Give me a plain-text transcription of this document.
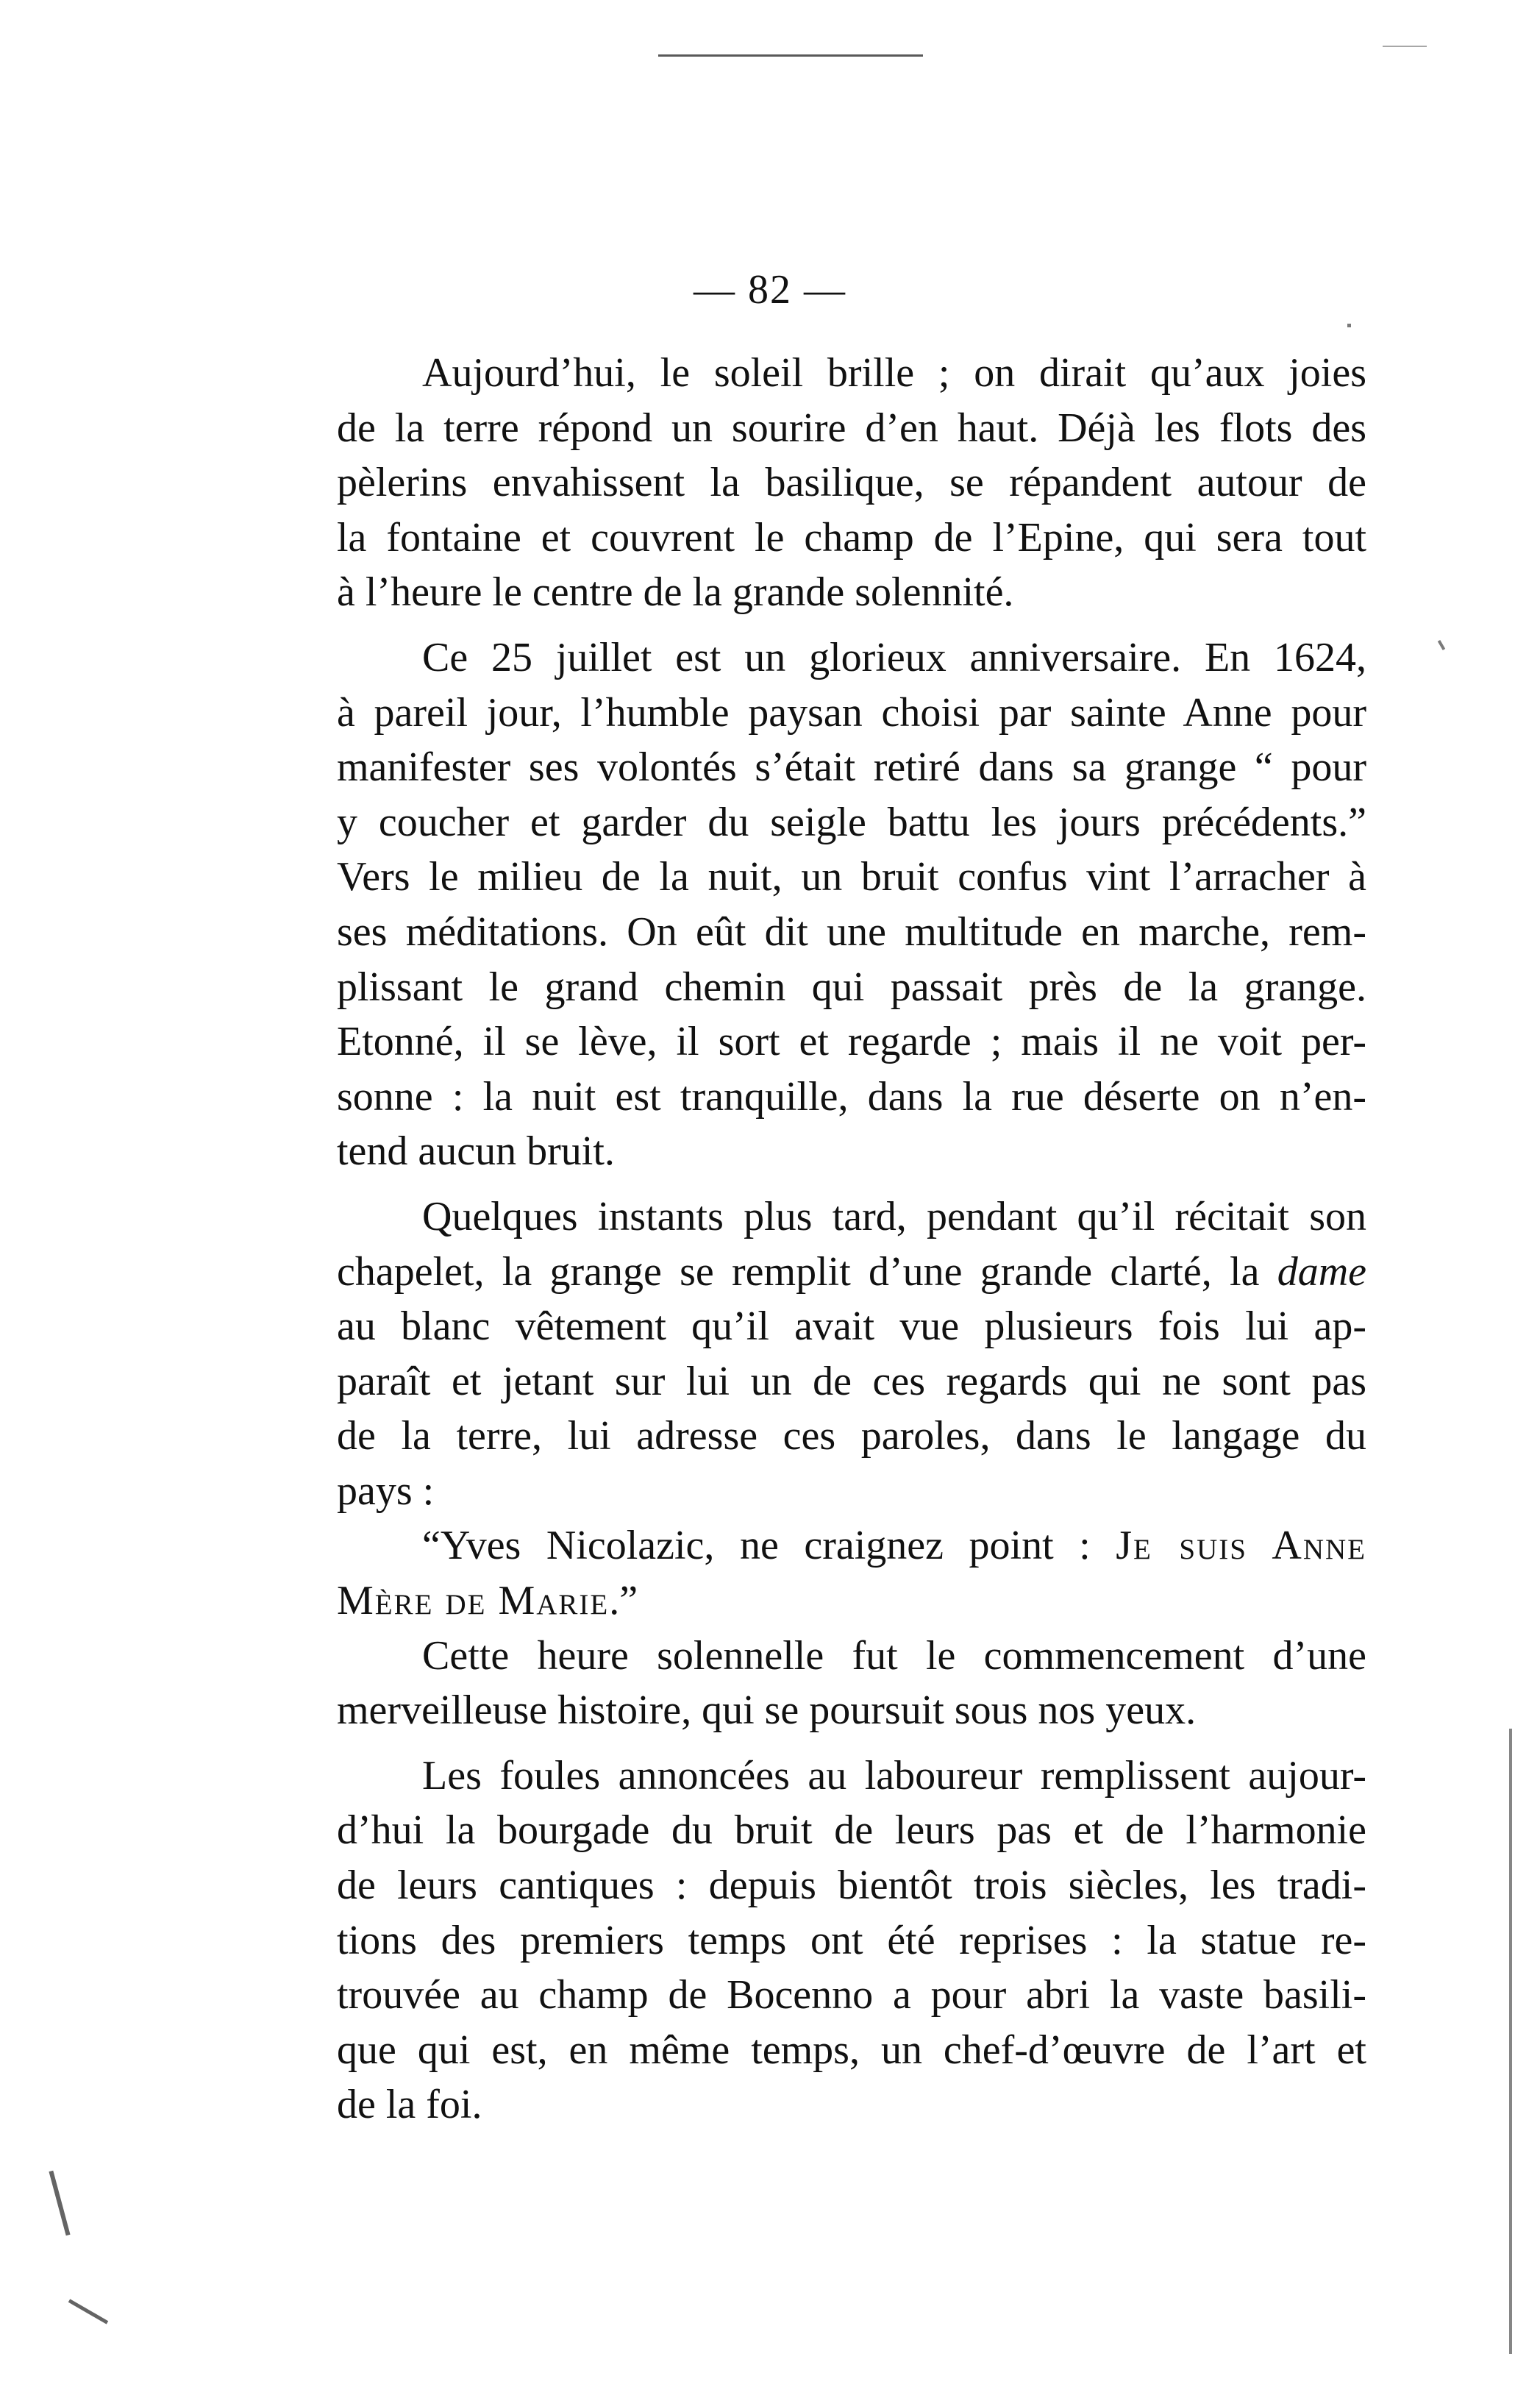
— 82 —
Aujourd’hui, le soleil brille ; on dirait qu’aux joies
de la terre répond un sourire d’en haut. Déjà les flots des
pèlerins envahissent la basilique, se répandent autour de
la fontaine et couvrent le champ de l’Epine, qui sera tout
à l’heure le centre de la grande solennité.
Ce 25 juillet est un glorieux anniversaire. En 1624,
à pareil jour, l’humble paysan choisi par sainte Anne pour
manifester ses volontés s’était retiré dans sa grange “ pour
y coucher et garder du seigle battu les jours précédents.”
Vers le milieu de la nuit, un bruit confus vint l’arracher à
ses méditations. On eût dit une multitude en marche, rem-
plissant le grand chemin qui passait près de la grange.
Etonné, il se lève, il sort et regarde ; mais il ne voit per-
sonne : la nuit est tranquille, dans la rue déserte on n’en-
tend aucun bruit.
Quelques instants plus tard, pendant qu’il récitait son
chapelet, la grange se remplit d’une grande clarté, la dame
au blanc vêtement qu’il avait vue plusieurs fois lui ap-
paraît et jetant sur lui un de ces regards qui ne sont pas
de la terre, lui adresse ces paroles, dans le langage du
pays :
“Yves Nicolazic, ne craignez point : Je suis Anne
Mère de Marie.”
Cette heure solennelle fut le commencement d’une
merveilleuse histoire, qui se poursuit sous nos yeux.
Les foules annoncées au laboureur remplissent aujour-
d’hui la bourgade du bruit de leurs pas et de l’harmonie
de leurs cantiques : depuis bientôt trois siècles, les tradi-
tions des premiers temps ont été reprises : la statue re-
trouvée au champ de Bocenno a pour abri la vaste basili-
que qui est, en même temps, un chef-d’œuvre de l’art et
de la foi.
